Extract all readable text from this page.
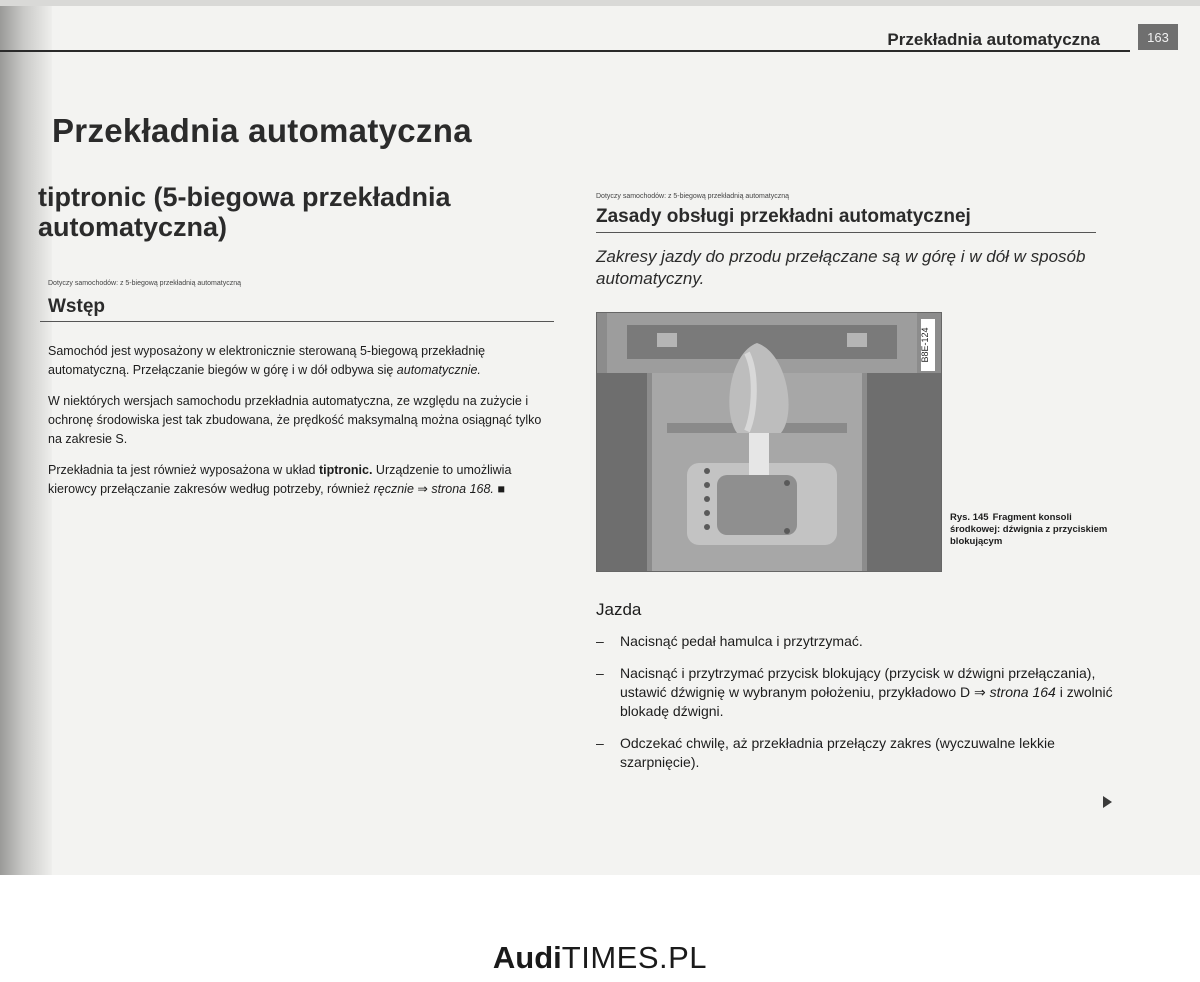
Przekładnia automatyczna	163
Przekładnia automatyczna
tiptronic (5-biegowa przekładnia automatyczna)
Dotyczy samochodów: z 5-biegową przekładnią automatyczną
Wstęp

Samochód jest wyposażony w elektronicznie sterowaną 5-biegową przekładnię automatyczną. Przełączanie biegów w górę i w dół odbywa się automatycznie.

W niektórych wersjach samochodu przekładnia automatyczna, ze względu na zużycie i ochronę środowiska jest tak zbudowana, że prędkość maksymalną można osiągnąć tylko na zakresie S.

Przekładnia ta jest również wyposażona w układ tiptronic. Urządzenie to umożliwia kierowcy przełączanie zakresów według potrzeby, również ręcznie ⇒ strona 168. ■

Dotyczy samochodów: z 5-biegową przekładnią automatyczną
Zasady obsługi przekładni automatycznej
Zakresy jazdy do przodu przełączane są w górę i w dół w sposób automatyczny.
B8E-124
Rys. 145 Fragment konsoli środkowej: dźwignia z przyciskiem blokującym
Jazda
– Nacisnąć pedał hamulca i przytrzymać.
– Nacisnąć i przytrzymać przycisk blokujący (przycisk w dźwigni przełączania), ustawić dźwignię w wybranym położeniu, przykładowo D ⇒ strona 164 i zwolnić blokadę dźwigni.
– Odczekać chwilę, aż przekładnia przełączy zakres (wyczuwalne lekkie szarpnięcie).
AudiTIMES.PL
